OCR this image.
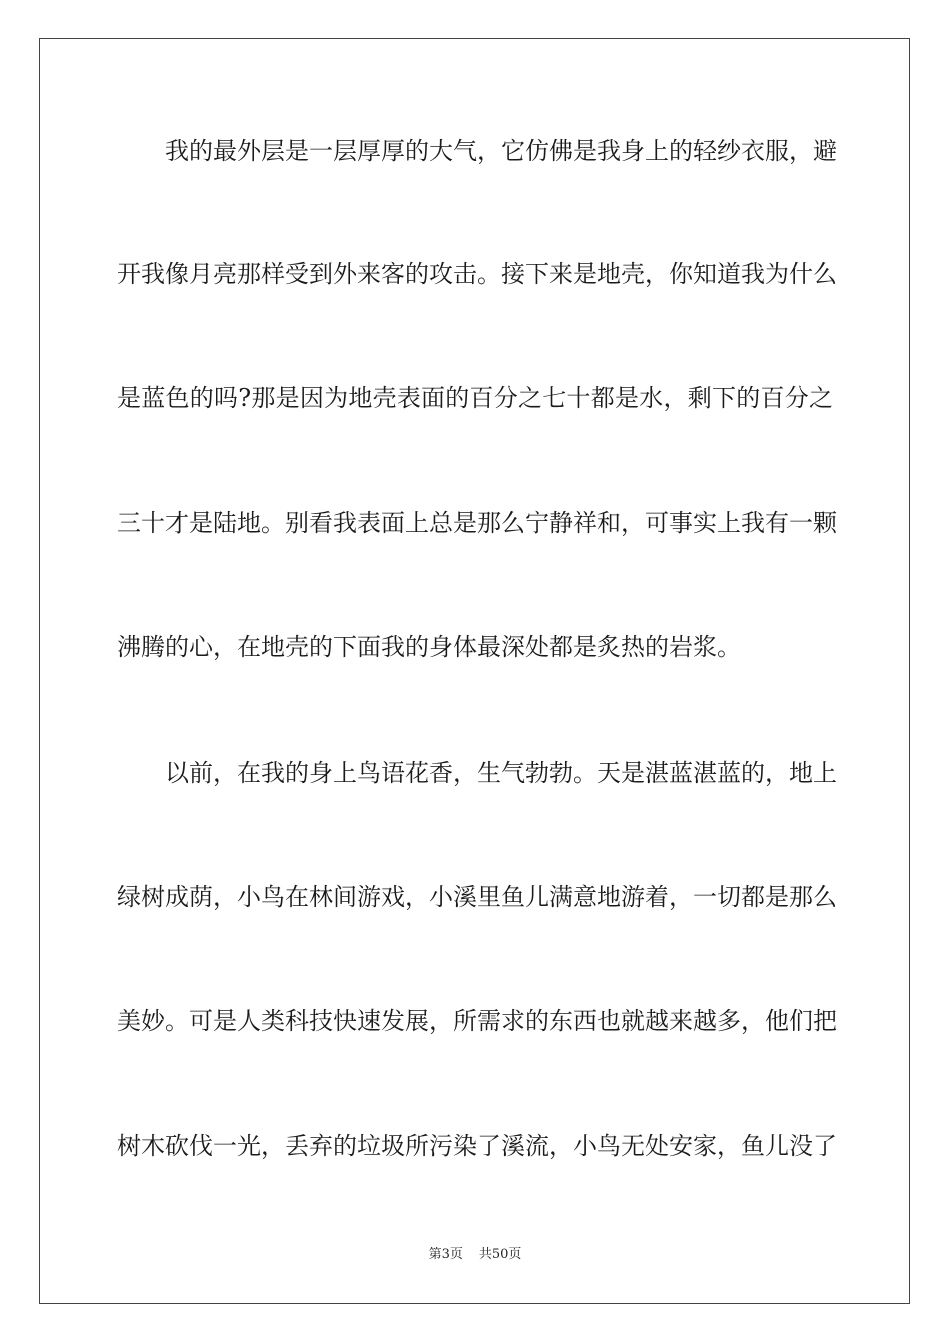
我的最外层是一层厚厚的大气，它仿佛是我身上的轻纱衣服，避
开我像月亮那样受到外来客的攻击。接下来是地壳，你知道我为什么
是蓝色的吗?那是因为地壳表面的百分之七十都是水，剩下的百分之
三十才是陆地。别看我表面上总是那么宁静祥和，可事实上我有一颗
沸腾的心，在地壳的下面我的身体最深处都是炙热的岩浆。
以前，在我的身上鸟语花香，生气勃勃。天是湛蓝湛蓝的，地上
绿树成荫，小鸟在林间游戏，小溪里鱼儿满意地游着，一切都是那么
美妙。可是人类科技快速发展，所需求的东西也就越来越多，他们把
树木砍伐一光，丢弃的垃圾所污染了溪流，小鸟无处安家，鱼儿没了
第3页 共50页
